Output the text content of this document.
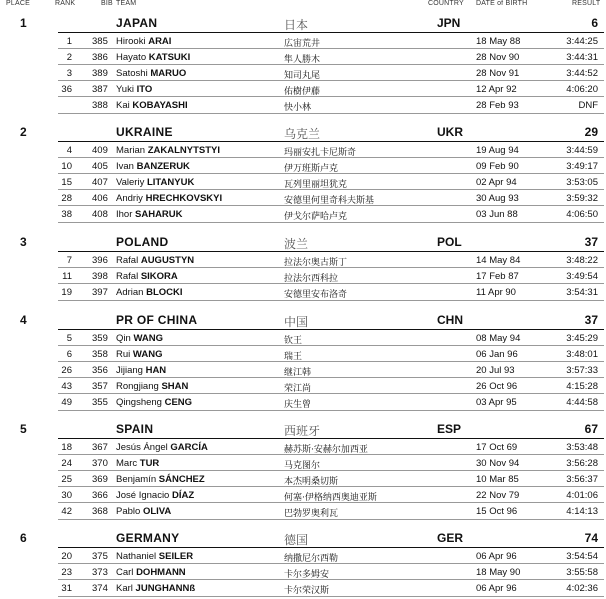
PLACE	RANK	BIB TEAM	COUNTRY DATE of BIRTH	RESULT
1	JAPAN	日本	JPN	6
1 385 Hirooki ARAI	広宙荒井	18 May 88	3:44:25
2 386 Hayato KATSUKI	隼人勝木	28 Nov 90	3:44:31
3 389 Satoshi MARUO	知司丸尾	28 Nov 91	3:44:52
36 387 Yuki ITO	佑樹伊藤	12 Apr 92	4:06:20
388 Kai KOBAYASHI	快小林	28 Feb 93	DNF
2	UKRAINE	乌克兰	UKR	29
4 409 Marian ZAKALNYTSTYI	玛丽安扎卡尼斯奇	19 Aug 94	3:44:59
10 405 Ivan BANZERUK	伊万班斯卢克	09 Feb 90	3:49:17
15 407 Valeriy LITANYUK	瓦列里丽坦犹克	02 Apr 94	3:53:05
28 406 Andriy HRECHKOVSKYI	安德里何里奇科夫斯基	30 Aug 93	3:59:32
38 408 Ihor SAHARUK	伊戈尔萨哈卢克	03 Jun 88	4:06:50
3	POLAND	波兰	POL	37
7 396 Rafal AUGUSTYN	拉法尔奥古斯丁	14 May 84	3:48:22
11 398 Rafal SIKORA	拉法尔西科拉	17 Feb 87	3:49:54
19 397 Adrian BLOCKI	安德里安布洛奇	11 Apr 90	3:54:31
4	PR OF CHINA	中国	CHN	37
5 359 Qin WANG	钦王	08 May 94	3:45:29
6 358 Rui WANG	瑞王	06 Jan 96	3:48:01
26 356 Jijiang HAN	继江韩	20 Jul 93	3:57:33
43 357 Rongjiang SHAN	荣江尚	26 Oct 96	4:15:28
49 355 Qingsheng CENG	庆生曾	03 Apr 95	4:44:58
5	SPAIN	西班牙	ESP	67
18 367 Jesús Ángel GARCÍA	赫苏斯·安赫尔加西亚	17 Oct 69	3:53:48
24 370 Marc TUR	马克图尔	30 Nov 94	3:56:28
25 369 Benjamín SÁNCHEZ	本杰明桑切斯	10 Mar 85	3:56:37
30 366 José Ignacio DÍAZ	何塞·伊格纳西奥迪亚斯	22 Nov 79	4:01:06
42 368 Pablo OLIVA	巴勃罗奥利瓦	15 Oct 96	4:14:13
6	GERMANY	德国	GER	74
20 375 Nathaniel SEILER	纳撒尼尔西勒	06 Apr 96	3:54:54
23 373 Carl DOHMANN	卡尔多姆安	18 May 90	3:55:58
31 374 Karl JUNGHANNß	卡尔荣汉斯	06 Apr 96	4:02:36
